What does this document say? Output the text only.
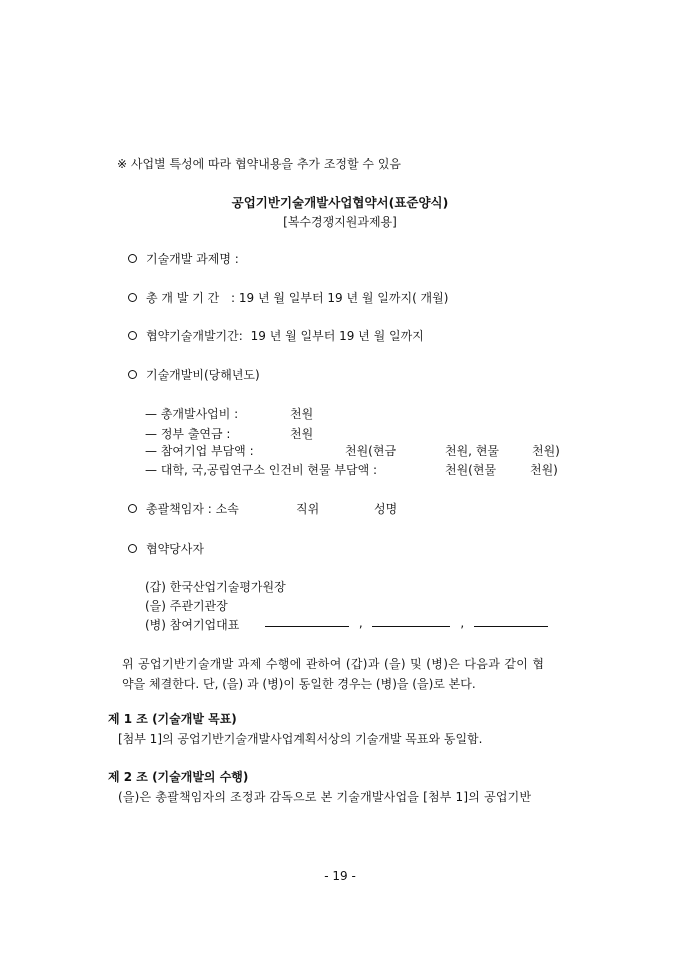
※ 사업별 특성에 따라 협약내용을 추가 조정할 수 있음
공업기반기술개발사업협약서(표준양식)
[복수경쟁지원과제용]
기술개발 과제명 :
총 개 발 기 간 : 19 년 월 일부터 19 년 월 일까지( 개월)
협약기술개발기간: 19 년 월 일부터 19 년 월 일까지
기술개발비(당해년도)
— 총개발사업비 :	천원
— 정부 출연금 :	천원
— 참여기업 부담액 :	천원(현금	천원, 현물	천원)
— 대학, 국,공립연구소 인건비 현물 부담액 :	천원(현물	천원)
총괄책임자 : 소속	직위	성명
협약당사자
(갑) 한국산업기술평가원장
(을) 주관기관장
(병) 참여기업대표	,	,
위 공업기반기술개발 과제 수행에 관하여 (갑)과 (을) 및 (병)은 다음과 같이 협
약을 체결한다. 단, (을) 과 (병)이 동일한 경우는 (병)을 (을)로 본다.
제 1 조 (기술개발 목표)
[첨부 1]의 공업기반기술개발사업계획서상의 기술개발 목표와 동일함.
제 2 조 (기술개발의 수행)
(을)은 총괄책임자의 조정과 감독으로 본 기술개발사업을 [첨부 1]의 공업기반
- 19 -
